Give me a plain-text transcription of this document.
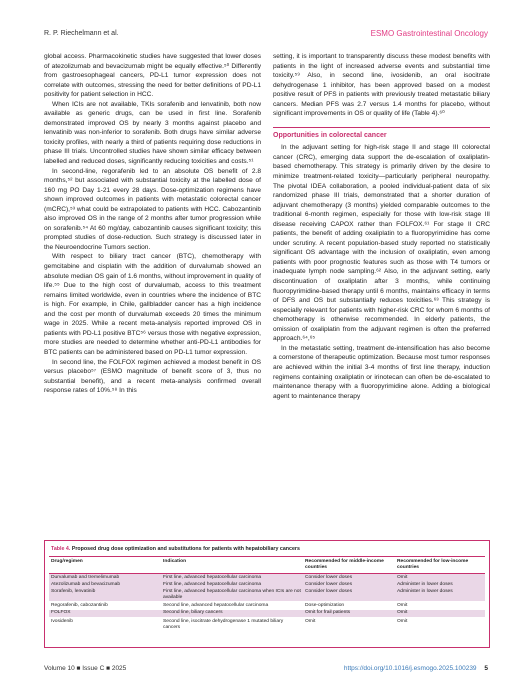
R. P. Riechelmann et al.	ESMO Gastrointestinal Oncology

global access. Pharmacokinetic studies have suggested that lower doses of atezolizumab and bevacizumab might be equally effective.⁵⁰ Differently from gastroesophageal cancers, PD-L1 tumor expression does not correlate with outcomes, stressing the need for better definitions of PD-L1 positivity for patient selection in HCC.

When ICIs are not available, TKIs sorafenib and lenvatinib, both now available as generic drugs, can be used in first line. Sorafenib demonstrated improved OS by nearly 3 months against placebo and lenvatinib was non-inferior to sorafenib. Both drugs have similar adverse toxicity profiles, with nearly a third of patients requiring dose reductions in phase III trials. Uncontrolled studies have shown similar efficacy between labelled and reduced doses, significantly reducing toxicities and costs.⁵¹

In second-line, regorafenib led to an absolute OS benefit of 2.8 months,⁵² but associated with substantial toxicity at the labelled dose of 160 mg PO Day 1-21 every 28 days. Dose-optimization regimens have shown improved outcomes in patients with metastatic colorectal cancer (mCRC),⁵³ what could be extrapolated to patients with HCC. Cabozantinib also improved OS in the range of 2 months after tumor progression while on sorafenib.⁵⁴ At 60 mg/day, cabozantinib causes significant toxicity; this prompted studies of dose-reduction. Such strategy is discussed later in the Neuroendocrine Tumors section.

With respect to biliary tract cancer (BTC), chemotherapy with gemcitabine and cisplatin with the addition of durvalumab showed an absolute median OS gain of 1.6 months, without improvement in quality of life.⁵⁵ Due to the high cost of durvalumab, access to this treatment remains limited worldwide, even in countries where the incidence of BTC is high. For example, in Chile, gallbladder cancer has a high incidence and the cost per month of durvalumab exceeds 20 times the minimum wage in 2025. While a recent meta-analysis reported improved OS in patients with PD-L1 positive BTC⁵⁶ versus those with negative expression, more studies are needed to determine whether anti-PD-L1 antibodies for BTC patients can be administered based on PD-L1 tumor expression.

In second line, the FOLFOX regimen achieved a modest benefit in OS versus placebo⁵⁷ (ESMO magnitude of benefit score of 3, thus no substantial benefit), and a recent meta-analysis confirmed overall response rates of 10%.⁵⁸ In this

setting, it is important to transparently discuss these modest benefits with patients in the light of increased adverse events and substantial time toxicity.⁵⁹ Also, in second line, ivosidenib, an oral isocitrate dehydrogenase 1 inhibitor, has been approved based on a modest positive result of PFS in patients with previously treated metastatic biliary cancers. Median PFS was 2.7 versus 1.4 months for placebo, without significant improvements in OS or quality of life (Table 4).⁶⁰

Opportunities in colorectal cancer

In the adjuvant setting for high-risk stage II and stage III colorectal cancer (CRC), emerging data support the de-escalation of oxaliplatin-based chemotherapy. This strategy is primarily driven by the desire to minimize treatment-related toxicity—particularly peripheral neuropathy. The pivotal IDEA collaboration, a pooled individual-patient data of six randomized phase III trials, demonstrated that a shorter duration of adjuvant chemotherapy (3 months) yielded comparable outcomes to the traditional 6-month regimen, especially for those with low-risk stage III disease receiving CAPOX rather than FOLFOX.⁶¹ For stage II CRC patients, the benefit of adding oxaliplatin to a fluoropyrimidine has come under scrutiny. A recent population-based study reported no statistically significant OS advantage with the inclusion of oxaliplatin, even among patients with poor prognostic features such as those with T4 tumors or inadequate lymph node sampling.⁶² Also, in the adjuvant setting, early discontinuation of oxaliplatin after 3 months, while continuing fluoropyrimidine-based therapy until 6 months, maintains efficacy in terms of DFS and OS but substantially reduces toxicities.⁶³ This strategy is especially relevant for patients with higher-risk CRC for whom 6 months of chemotherapy is otherwise recommended. In elderly patients, the omission of oxaliplatin from the adjuvant regimen is often the preferred approach.⁶⁴,⁶⁵

In the metastatic setting, treatment de-intensification has also become a cornerstone of therapeutic optimization. Because most tumor responses are achieved within the initial 3-4 months of first line therapy, induction regimens containing oxaliplatin or irinotecan can often be de-escalated to maintenance therapy with a fluoropyrimidine alone. Adding a biological agent to maintenance therapy

Table 4. Proposed drug dose optimization and substitutions for patients with hepatobiliary cancers
Drug/regimen	Indication	Recommended for middle-income countries	Recommended for low-income countries
Durvalumab and tremelimumab	First line, advanced hepatocellular carcinoma	Consider lower doses	Omit
Atezolizumab and bevacizumab	First line, advanced hepatocellular carcinoma	Consider lower doses	Administer in lower doses
Sorafenib, lenvatinib	First line, advanced hepatocellular carcinoma when ICIs are not available	Consider lower doses	Administer in lower doses
Regorafenib, cabozantinib	Second line, advanced hepatocellular carcinoma	Dose-optimization	Omit
FOLFOX	Second line, biliary cancers	Omit for frail patients	Omit
Ivosidenib	Second line, isocitrate dehydrogenase 1 mutated biliary cancers	Omit	Omit
Volume 10 ■ Issue C ■ 2025	https://doi.org/10.1016/j.esmogo.2025.100239 5
